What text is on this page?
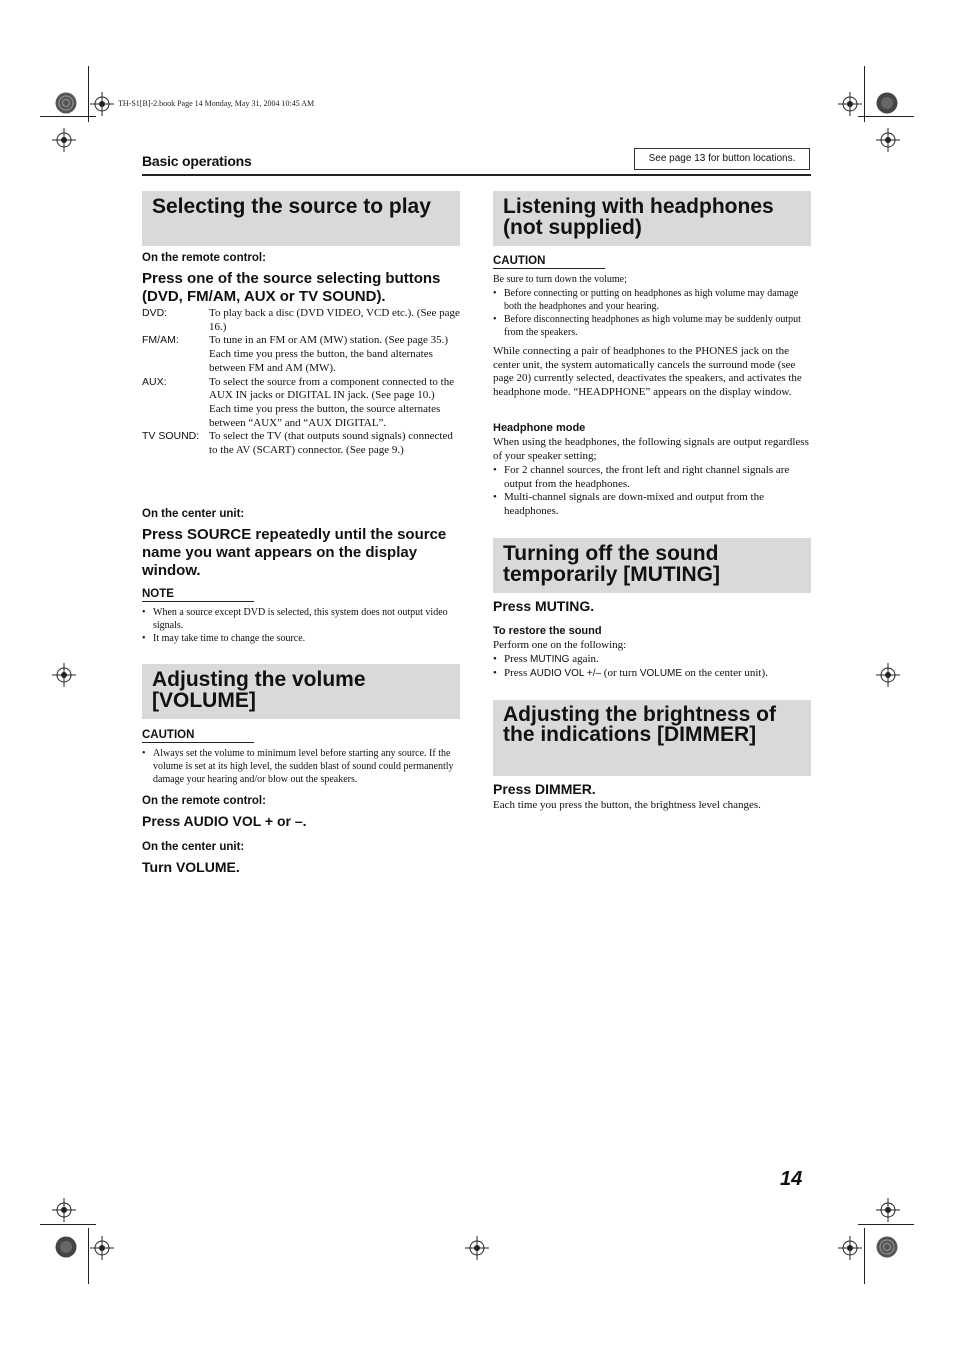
TH-S1[B]-2.book Page 14 Monday, May 31, 2004 10:45 AM
Basic operations	See page 13 for button locations.
Selecting the source to play
On the remote control:
Press one of the source selecting buttons (DVD, FM/AM, AUX or TV SOUND).
DVD:	To play back a disc (DVD VIDEO, VCD etc.). (See page 16.)
FM/AM:	To tune in an FM or AM (MW) station. (See page 35.)
Each time you press the button, the band alternates between FM and AM (MW).
AUX:	To select the source from a component connected to the AUX IN jacks or DIGITAL IN jack. (See page 10.)
Each time you press the button, the source alternates between “AUX” and “AUX DIGITAL”.
TV SOUND: To select the TV (that outputs sound signals) connected to the AV (SCART) connector. (See page 9.)
On the center unit:
Press SOURCE repeatedly until the source name you want appears on the display window.
NOTE
• When a source except DVD is selected, this system does not output video signals.
• It may take time to change the source.
Adjusting the volume [VOLUME]
CAUTION
• Always set the volume to minimum level before starting any source. If the volume is set at its high level, the sudden blast of sound could permanently damage your hearing and/or blow out the speakers.
On the remote control:
Press AUDIO VOL + or –.
On the center unit:
Turn VOLUME.
Listening with headphones (not supplied)
CAUTION
Be sure to turn down the volume;
• Before connecting or putting on headphones as high volume may damage both the headphones and your hearing.
• Before disconnecting headphones as high volume may be suddenly output from the speakers.
While connecting a pair of headphones to the PHONES jack on the center unit, the system automatically cancels the surround mode (see page 20) currently selected, deactivates the speakers, and activates the headphone mode. “HEADPHONE” appears on the display window.
Headphone mode
When using the headphones, the following signals are output regardless of your speaker setting;
• For 2 channel sources, the front left and right channel signals are output from the headphones.
• Multi-channel signals are down-mixed and output from the headphones.
Turning off the sound temporarily [MUTING]
Press MUTING.
To restore the sound
Perform one on the following:
• Press MUTING again.
• Press AUDIO VOL +/– (or turn VOLUME on the center unit).
Adjusting the brightness of the indications [DIMMER]
Press DIMMER.
Each time you press the button, the brightness level changes.
14
